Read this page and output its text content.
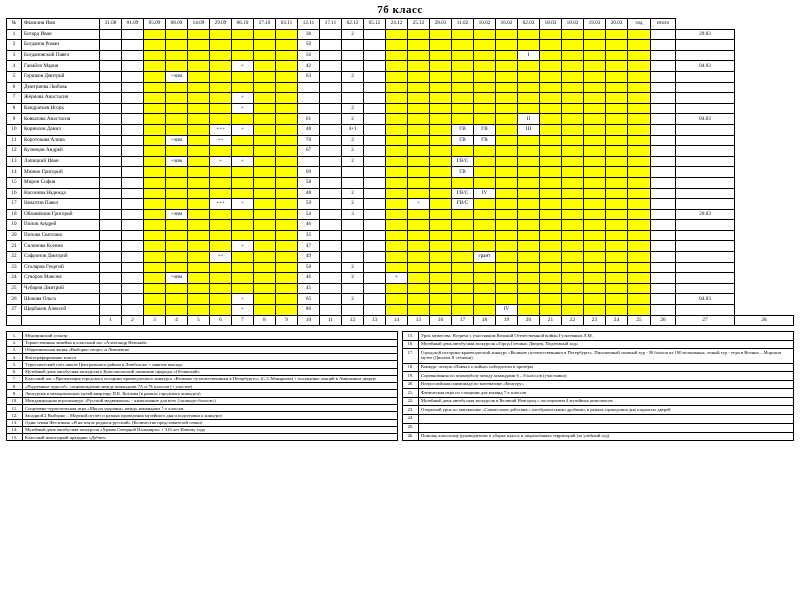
7б класс
№	Фамилия Имя	31.08	01.09	05.09	08.09	14.09	29.09	06.10	27.10	03.11	12.11	17.11	02.12	05.12	24.12	25.12	28.01	11.02	10.02	16.02	02.03	18.03	18.03	19.03	20.03	год	итого		
1	Богард Иван										38		2															20.03	
2	Богданов Роман										50																		
3	Богдановский Павел										56										I								
4	Ганайло Мария							+			42																	04.03	
5	Горшков Дмитрий				+зим						63		2																
6	Дмитриева Любовь																												
7	Жёрнова Анастасия							+																					
8	Кандратьев Игорь							+					2																
9	Ковылова Анастасия										61		2								II							04.03	
10	Корнилов Данил						+++	+			48		4+1					ГВ	ГВ		III								
11	Коротокова Алина				+зим		++				70		2					ГВ	ГВ										
12	Кузнецов Андрей										67		2																
13	Лапицкий Иван				+зим		+	+					2					ГВ/С											
14	Минюк Григорий										69							ГВ											
15	Мирон София										58																		
16	Насонова Надежда										48		2					ГВ/С	IV										
17	Никитин Павел						+++	+			59		2			+		ГВ/С											
18	Обманёшин Григорий				+зим						54		3															20.03	
19	Попов Андрей										46																		
20	Попова Светлана										35																		
21	Силонова Ксения							+			47																		
22	Сафронов Дмитрий						++				49								грант										
23	Столяров Георгий										50		2																
24	Суворов Максим				+зим						46		2		+														
25	Чубаров Дмитрий										45																		
26	Шокова Ольга							+			65		2															04.03	
27	Щербаков Алексей							+			86									IV									
		1	2	3	4	5	6	7	8	9	10	11	12	13	14	15	16	17	18	19	20	21	22	23	24	25	26	27	28
1.	Медицинский осмотр
2.	Торжественная линейка и классный час «Александр Невский»
3.	Общешкольная акция «Выборно спорт» и Лежневско
4.	Фотографирование класса
5.	Туристический слёт школа Центрального района в Лемболово + занятие выезды
6.	Музейный день автобусная экскурсия к Комсомольский памятник природы «Обливский»
7.	Классный час «Презентация городского историко-краеведческого конкурса «Великие путешественники в Петербурге»» (С.С.Макарьева) + посещение лекций в Аничковом дворце
8.	«Подземные чудеса!»: сопровождение между командами 7А и 7Б классов (+ участие)
9.	Экскурсия в мемориальную музей-квартиру П.К. Козлова (в рамках городского конкурса)
10.	Международная игра-конкурс «Русский медвежонок» - языкознание для всех («конкурс-баллов»)
11.	Спортивно-туристическая игра «Школа здоровья» между командами 7-х классов
12.	Засадной 2 Выборно – Морской отсчёт и разных проведения музейного дня и подготовки к конкурсу
13.	Один семьи Фестиваль «Я на земле родился русский» (Количество представителей семьи)
14.	Музейный день автобусная экскурсия «Храмы Северной Пальмиры» + 310 лет Новому году
15.	Классный новогодний праздник «Дебют»
15.	Урок мужества. Встреча с участником Великой Отечественной войны Гультевным Л.М.
16.	Музейный день автобусная экскурсия «Город Гатчина. Дворец. Подземный ход»
17.	Городской историко-краеведческий конкурс «Великие путешественники в Петербурге». Письменный заочный тур - 98 баллов из 100 возможных, очный тур - игра в Военно – Морском музее (Диплом II степени)
18.	Конкурс чтецов «Память о войне» победители и призёры
19.	Соревнования по пионерболу между командами 6 – 8 классов (участники)
20.	Всероссийская олимпиада по математике «Кенгуру»
21.	Физическая игра по станциям для команд 7-х классов
22.	Музейный день автобусная экскурсия в Великий Новгород с посещением 4 музейных комплексов
23.	Открытый урок по математике «Совместные действия с алгебраическими дробями» в рамках проведения дня открытых дверей
24.	
25.	
26.	Помощь классному руководителю в уборке класса и закреплённых территорий (за учебный год)
